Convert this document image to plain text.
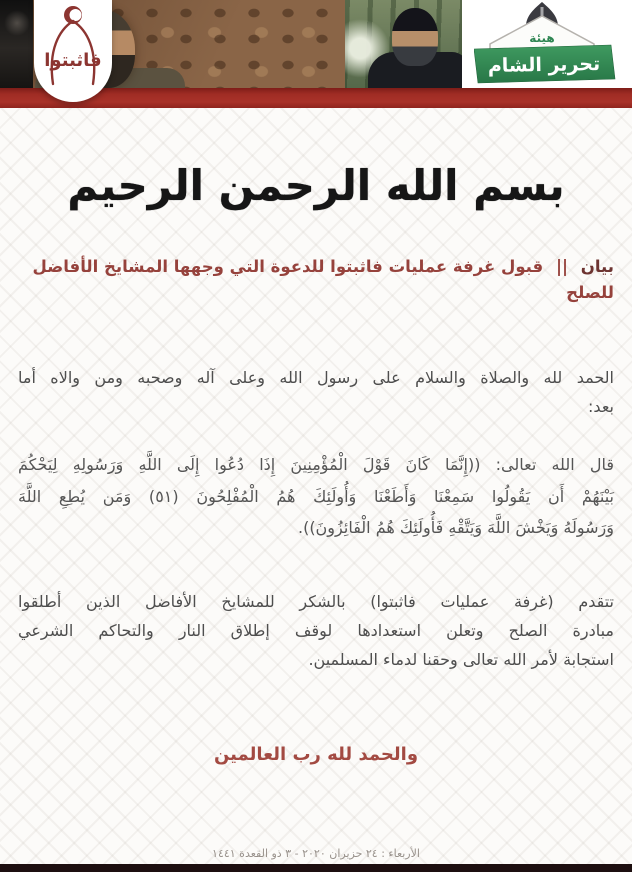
هيئة
تحرير الشام
فاثبتوا
بسم الله الرحمن الرحيم
بيان || قبول غرفة عمليات فاثبتوا للدعوة التي وجهها المشايخ الأفاضل للصلح
الحمد لله والصلاة والسلام على رسول الله وعلى آله وصحبه ومن والاه أما
بعد:
قال الله تعالى: ((إِنَّمَا كَانَ قَوْلَ الْمُؤْمِنِينَ إِذَا دُعُوا إِلَى اللَّهِ وَرَسُولِهِ لِيَحْكُمَ
بَيْنَهُمْ أَن يَقُولُوا سَمِعْنَا وَأَطَعْنَا وَأُولَئِكَ هُمُ الْمُفْلِحُونَ (٥١) وَمَن يُطِعِ اللَّهَ
وَرَسُولَهُ وَيَخْشَ اللَّهَ وَيَتَّقْهِ فَأُولَئِكَ هُمُ الْفَائِزُونَ)).
تتقدم (غرفة عمليات فاثبتوا) بالشكر للمشايخ الأفاضل الذين أطلقوا
مبادرة الصلح وتعلن استعدادها لوقف إطلاق النار والتحاكم الشرعي
استجابة لأمر الله تعالى وحقنا لدماء المسلمين.
والحمد لله رب العالمين
الأربعاء : ٢٤ حزيران ٢٠٢٠ - ٣ ذو القعدة ١٤٤١
